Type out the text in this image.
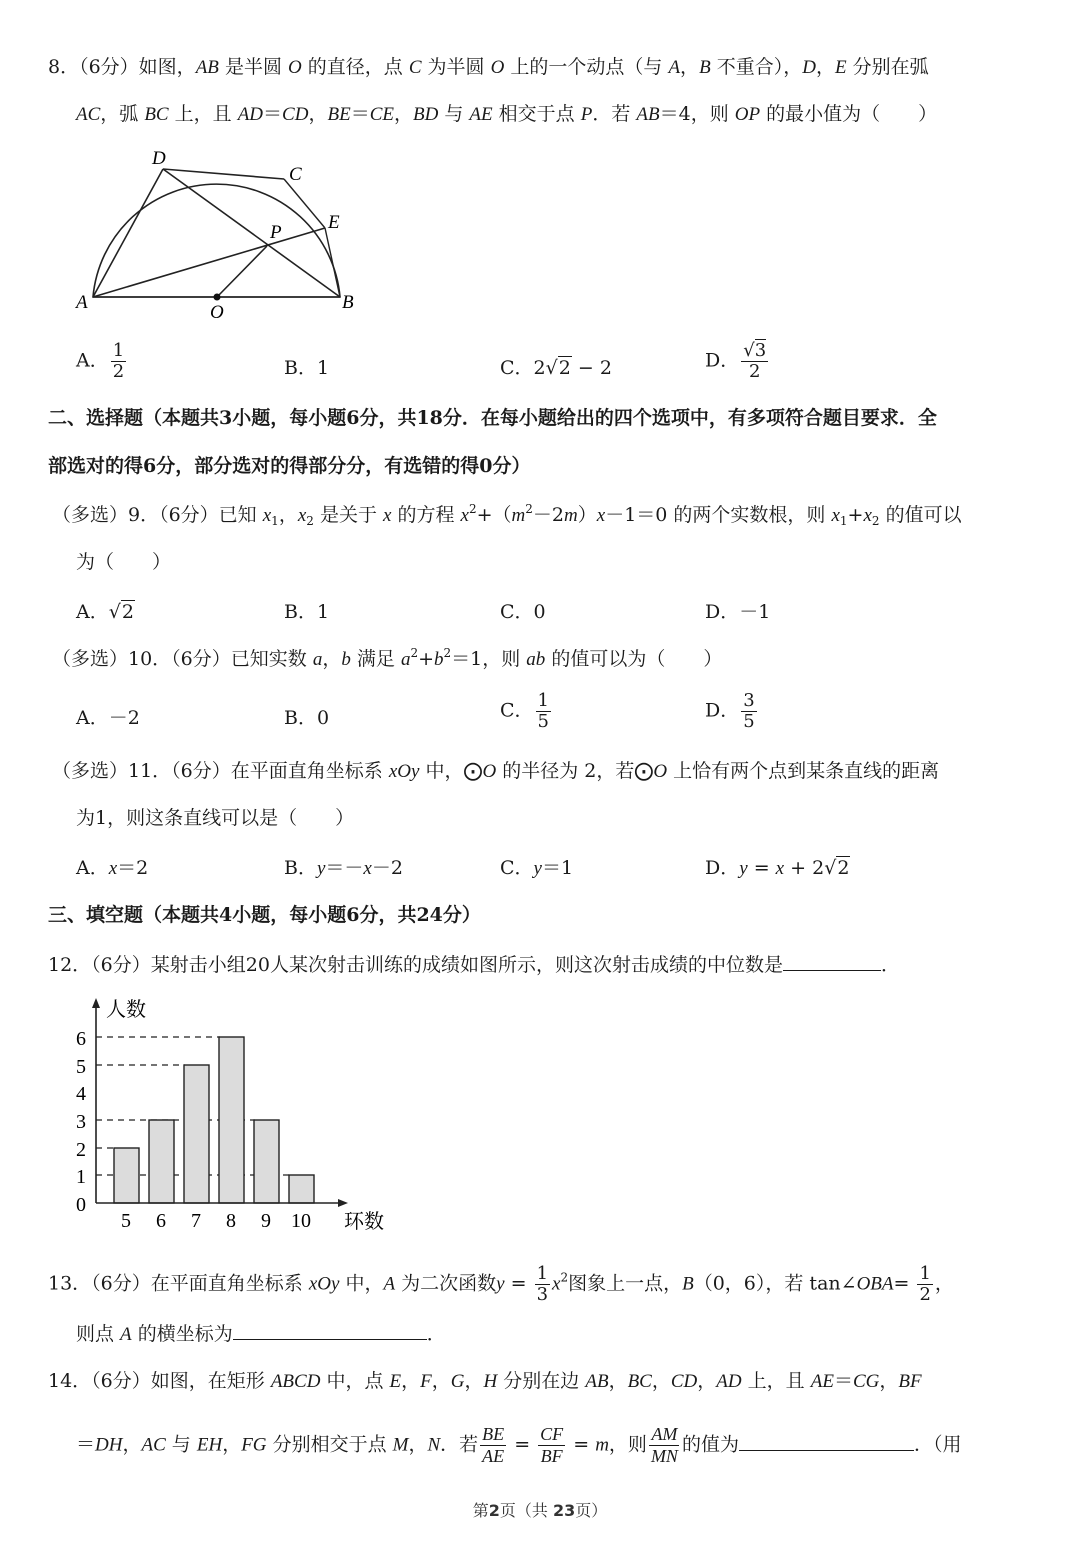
8．（6分）如图，AB 是半圆 O 的直径，点 C 为半圆 O 上的一个动点（与 A，B 不重合），D，E 分别在弧
AC，弧 BC 上，且 AD＝CD，BE＝CE，BD 与 AE 相交于点 P．若 AB＝4，则 OP 的最小值为（　　）
D
C
E
P
A	O	B
A． $\frac{1}{2}$	B．1	C．2√2 − 2	D． $\frac{√3}{2}$
二、选择题（本题共3小题，每小题6分，共18分．在每小题给出的四个选项中，有多项符合题目要求．全
部选对的得6分，部分选对的得部分分，有选错的得0分）
（多选）9．（6分）已知 $x_1$，$x_2$ 是关于 x 的方程 $x^2+(m^2-2m)x-1=0$ 的两个实数根，则 $x_1+x_2$ 的值可以
为（　　）
A．√2	B．1	C．0	D．－1
（多选）10．（6分）已知实数 a，b 满足 $a^2+b^2=1$，则 ab 的值可以为（　　）
A．－2	B．0	C． $\frac{1}{5}$	D． $\frac{3}{5}$
（多选）11．（6分）在平面直角坐标系 xOy 中，⨀O 的半径为 2，若⨀O 上恰有两个点到某条直线的距离
为1，则这条直线可以是（　　）
A．x＝2	B．y＝－x－2	C．y＝1	D．y = x + 2√2
三、填空题（本题共4小题，每小题6分，共24分）
12．（6分）某射击小组20人某次射击训练的成绩如图所示，则这次射击成绩的中位数是	．
0
1
2
3
4
5
6
5 6 7 8 9 10
人数
环数
13．（6分）在平面直角坐标系 xOy 中，A 为二次函数$y = \frac{1}{3} x^2$图象上一点，B（0，6），若 tan∠OBA= $\frac{1}{2}$ ，
则点 A 的横坐标为	．
14．（6分）如图，在矩形 ABCD 中，点 E，F，G，H 分别在边 AB，BC，CD，AD 上，且 AE＝CG，BF
＝DH，AC 与 EH，FG 分别相交于点 M，N．若 $\frac{BE}{AE} = \frac{CF}{BF} = m$，则 $\frac{AM}{MN}$ 的值为	．（用
第2页（共 23页）
